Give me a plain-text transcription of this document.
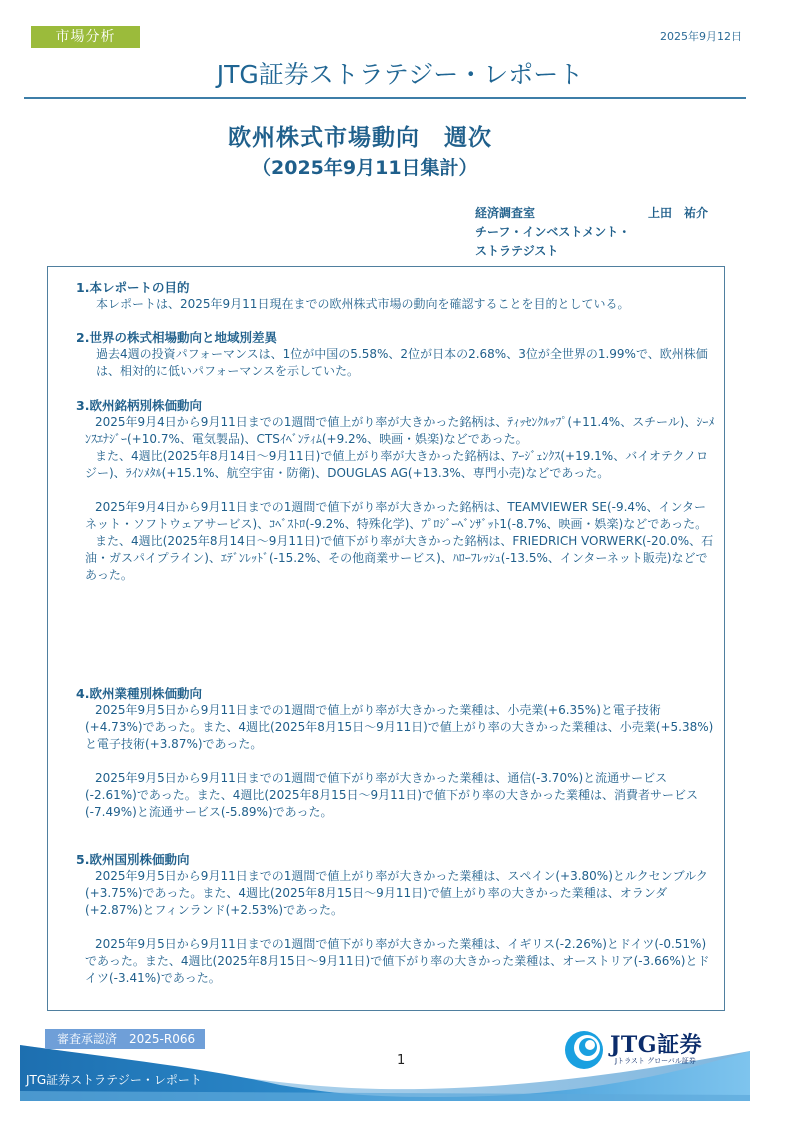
市場分析	2025年9月12日
JTG証券ストラテジー・レポート
欧州株式市場動向　週次
（2025年9月11日集計）
経済調査室
チーフ・インベストメント・
ストラテジスト
上田　祐介
1.本レポートの目的
本レポートは、2025年9月11日現在までの欧州株式市場の動向を確認することを目的としている。
2.世界の株式相場動向と地域別差異
過去4週の投資パフォーマンスは、1位が中国の5.58%、2位が日本の2.68%、3位が全世界の1.99%で、欧州株価は、相対的に低いパフォーマンスを示していた。
3.欧州銘柄別株価動向
2025年9月4日から9月11日までの1週間で値上がり率が大きかった銘柄は、ﾃｨｯｾﾝｸﾙｯﾌﾟ(+11.4%、スチール)、ｼｰﾒﾝｽｴﾅｼﾞｰ(+10.7%、電気製品)、CTSｲﾍﾞﾝﾃｨﾑ(+9.2%、映画・娯楽)などであった。
また、4週比(2025年8月14日～9月11日)で値上がり率が大きかった銘柄は、ｱｰｼﾞｪﾝｸｽ(+19.1%、バイオテクノロジー)、ﾗｲﾝﾒﾀﾙ(+15.1%、航空宇宙・防衛)、DOUGLAS AG(+13.3%、専門小売)などであった。
2025年9月4日から9月11日までの1週間で値下がり率が大きかった銘柄は、TEAMVIEWER SE(-9.4%、インターネット・ソフトウェアサービス)、ｺﾍﾞｽﾄﾛ(-9.2%、特殊化学)、ﾌﾟﾛｼﾞｰﾍﾞﾝｻﾞｯﾄ1(-8.7%、映画・娯楽)などであった。
また、4週比(2025年8月14日～9月11日)で値下がり率が大きかった銘柄は、FRIEDRICH VORWERK(-20.0%、石油・ガスパイプライン)、ｴﾃﾞﾝﾚｯﾄﾞ(-15.2%、その他商業サービス)、ﾊﾛｰﾌﾚｯｼｭ(-13.5%、インターネット販売)などであった。
4.欧州業種別株価動向
2025年9月5日から9月11日までの1週間で値上がり率が大きかった業種は、小売業(+6.35%)と電子技術(+4.73%)であった。また、4週比(2025年8月15日～9月11日)で値上がり率の大きかった業種は、小売業(+5.38%)と電子技術(+3.87%)であった。
2025年9月5日から9月11日までの1週間で値下がり率が大きかった業種は、通信(-3.70%)と流通サービス(-2.61%)であった。また、4週比(2025年8月15日～9月11日)で値下がり率の大きかった業種は、消費者サービス(-7.49%)と流通サービス(-5.89%)であった。
5.欧州国別株価動向
2025年9月5日から9月11日までの1週間で値上がり率が大きかった業種は、スペイン(+3.80%)とルクセンブルク(+3.75%)であった。また、4週比(2025年8月15日～9月11日)で値上がり率の大きかった業種は、オランダ(+2.87%)とフィンランド(+2.53%)であった。
2025年9月5日から9月11日までの1週間で値下がり率が大きかった業種は、イギリス(-2.26%)とドイツ(-0.51%)であった。また、4週比(2025年8月15日～9月11日)で値下がり率の大きかった業種は、オーストリア(-3.66%)とドイツ(-3.41%)であった。
審査承認済　2025-R066
JTG証券ストラテジー・レポート
1
JTG証券
Jトラスト グローバル証券
